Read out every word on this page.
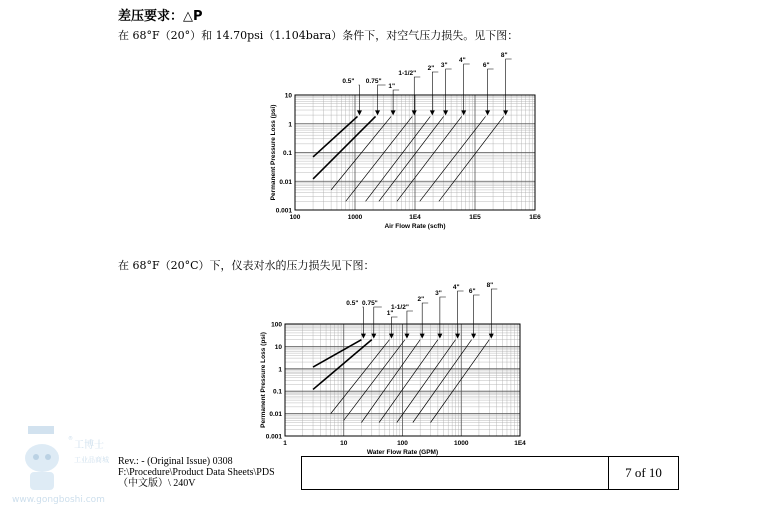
差压要求：△P
在 68°F（20°）和 14.70psi（1.104bara）条件下，对空气压力损失。见下图：
100	1000	1E4	1E5	1E6
10
1
0.1
0.01
0.001
Air Flow Rate (scfh)
Permanent Pressure Loss (psi)
0.5" 0.75"
1"
1-1/2"
2" 3"
4"
6"
8"
在 68°F（20°C）下，仪表对水的压力损失见下图：
1	10	100	1000	1E4
100
10
1
0.1
0.01
0.001
Water Flow Rate (GPM)
Permanent Pressure Loss (psi)
0.5" 0.75"
1"
1-1/2"
2"
3"
4"
6"
8"
Rev.: - (Original Issue) 0308
F:\Procedure\Product Data Sheets\PDS
（中文版）\ 240V
7 of 10
工博士
®
工业品商城
www.gongboshi.com
